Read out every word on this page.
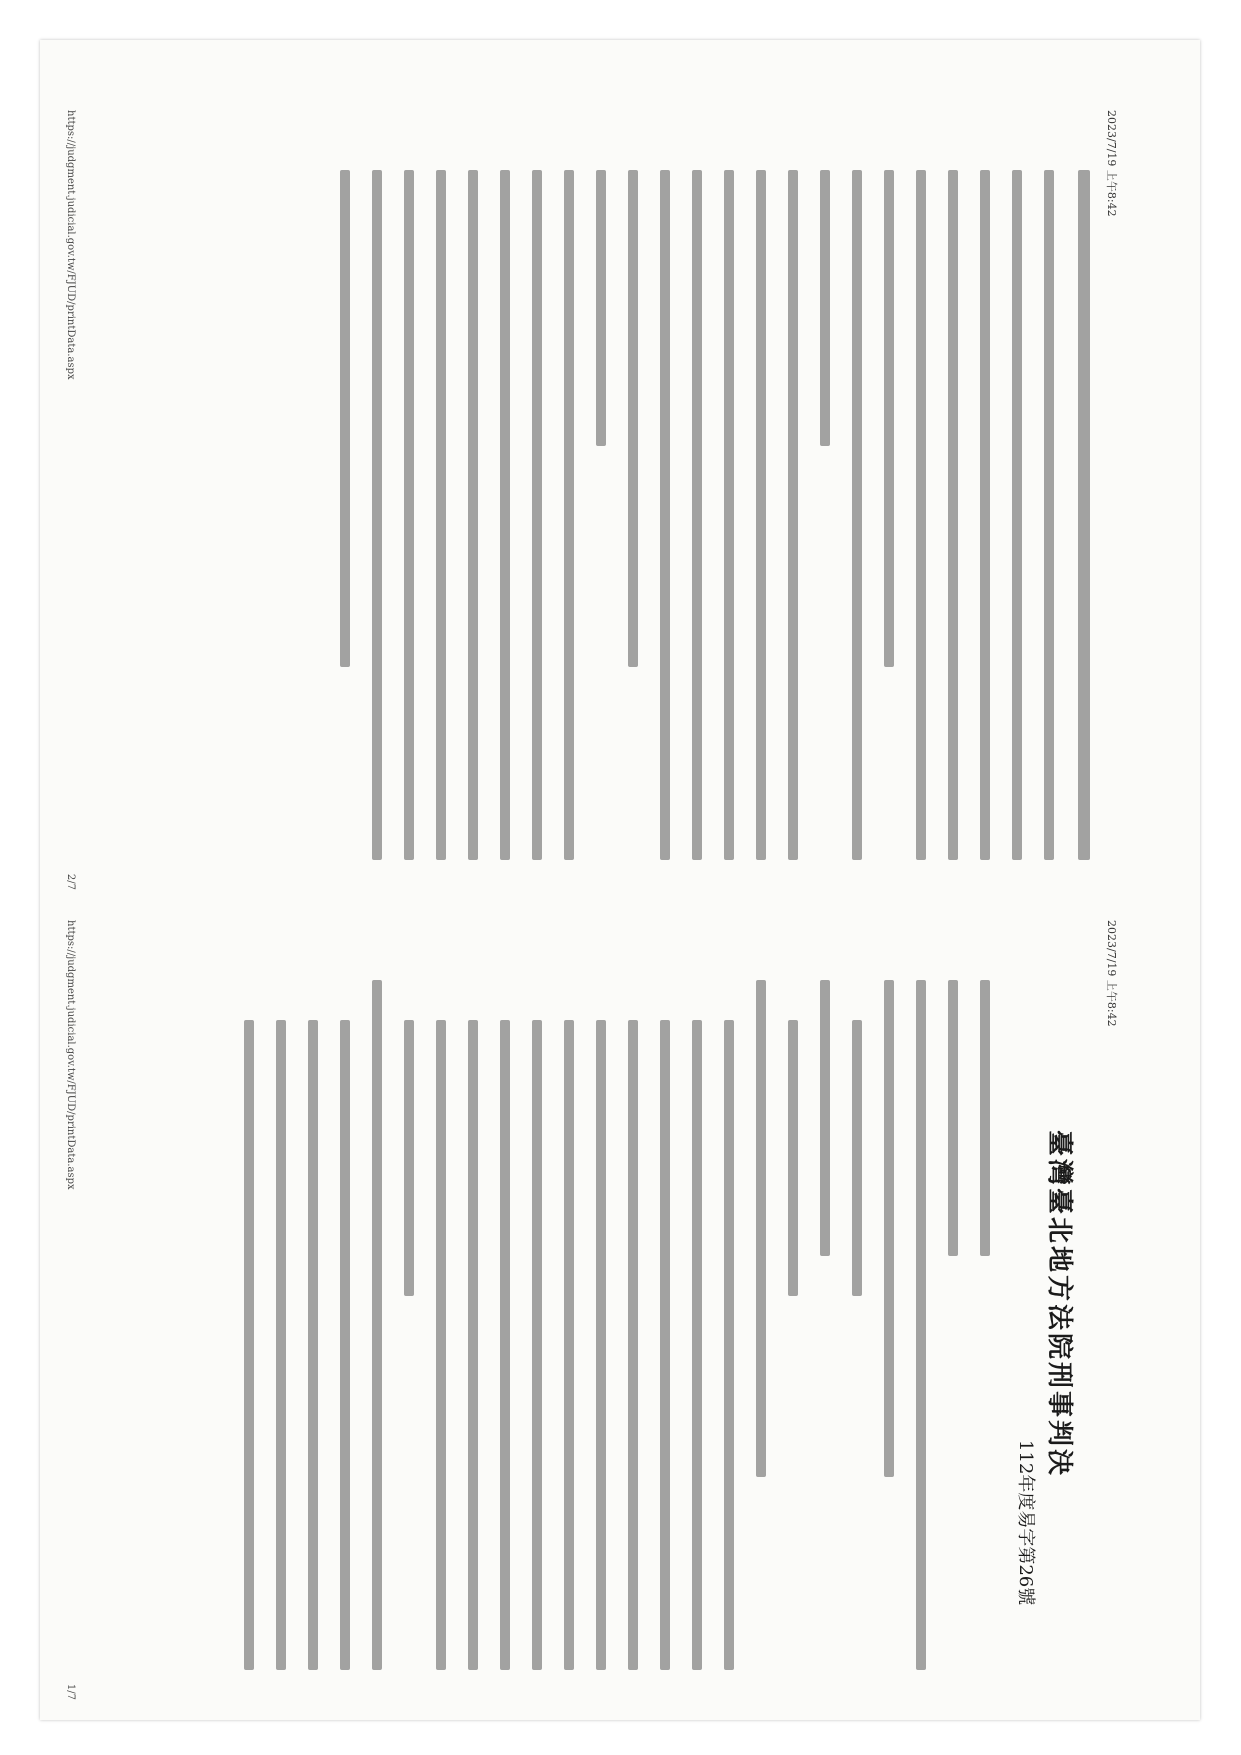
2023/7/19 上午8:42
https://judgment.judicial.gov.tw/FJUD/printData.aspx
2/7
2023/7/19 上午8:42
臺灣臺北地方法院刑事判決
112年度易字第26號
https://judgment.judicial.gov.tw/FJUD/printData.aspx
1/7
